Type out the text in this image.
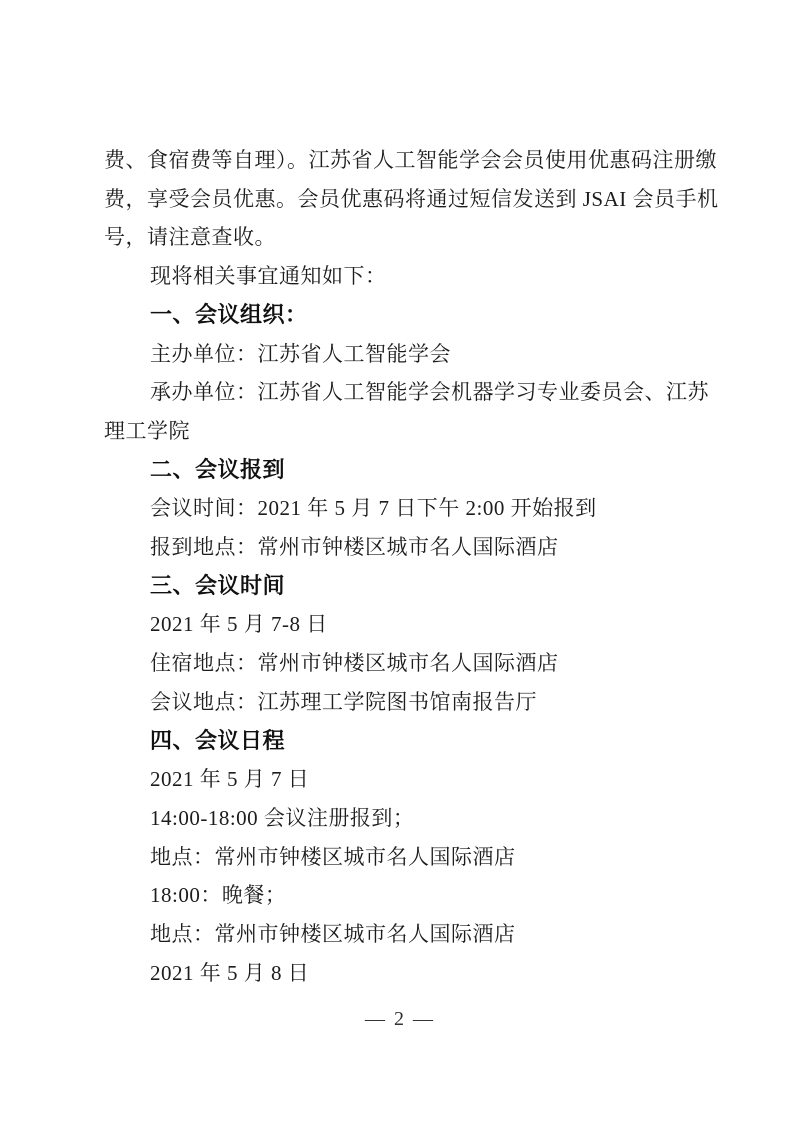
费、食宿费等自理）。江苏省人工智能学会会员使用优惠码注册缴

费，享受会员优惠。会员优惠码将通过短信发送到 JSAI 会员手机

号，请注意查收。

现将相关事宜通知如下：

一、会议组织：

主办单位：江苏省人工智能学会

承办单位：江苏省人工智能学会机器学习专业委员会、江苏

理工学院

二、会议报到

会议时间：2021 年 5 月 7 日下午 2:00 开始报到

报到地点：常州市钟楼区城市名人国际酒店

三、会议时间

2021 年 5 月 7-8 日

住宿地点：常州市钟楼区城市名人国际酒店

会议地点：江苏理工学院图书馆南报告厅

四、会议日程

2021 年 5 月 7 日

14:00-18:00 会议注册报到；

地点：常州市钟楼区城市名人国际酒店

18:00：晚餐；

地点：常州市钟楼区城市名人国际酒店

2021 年 5 月 8 日

— 2 —
